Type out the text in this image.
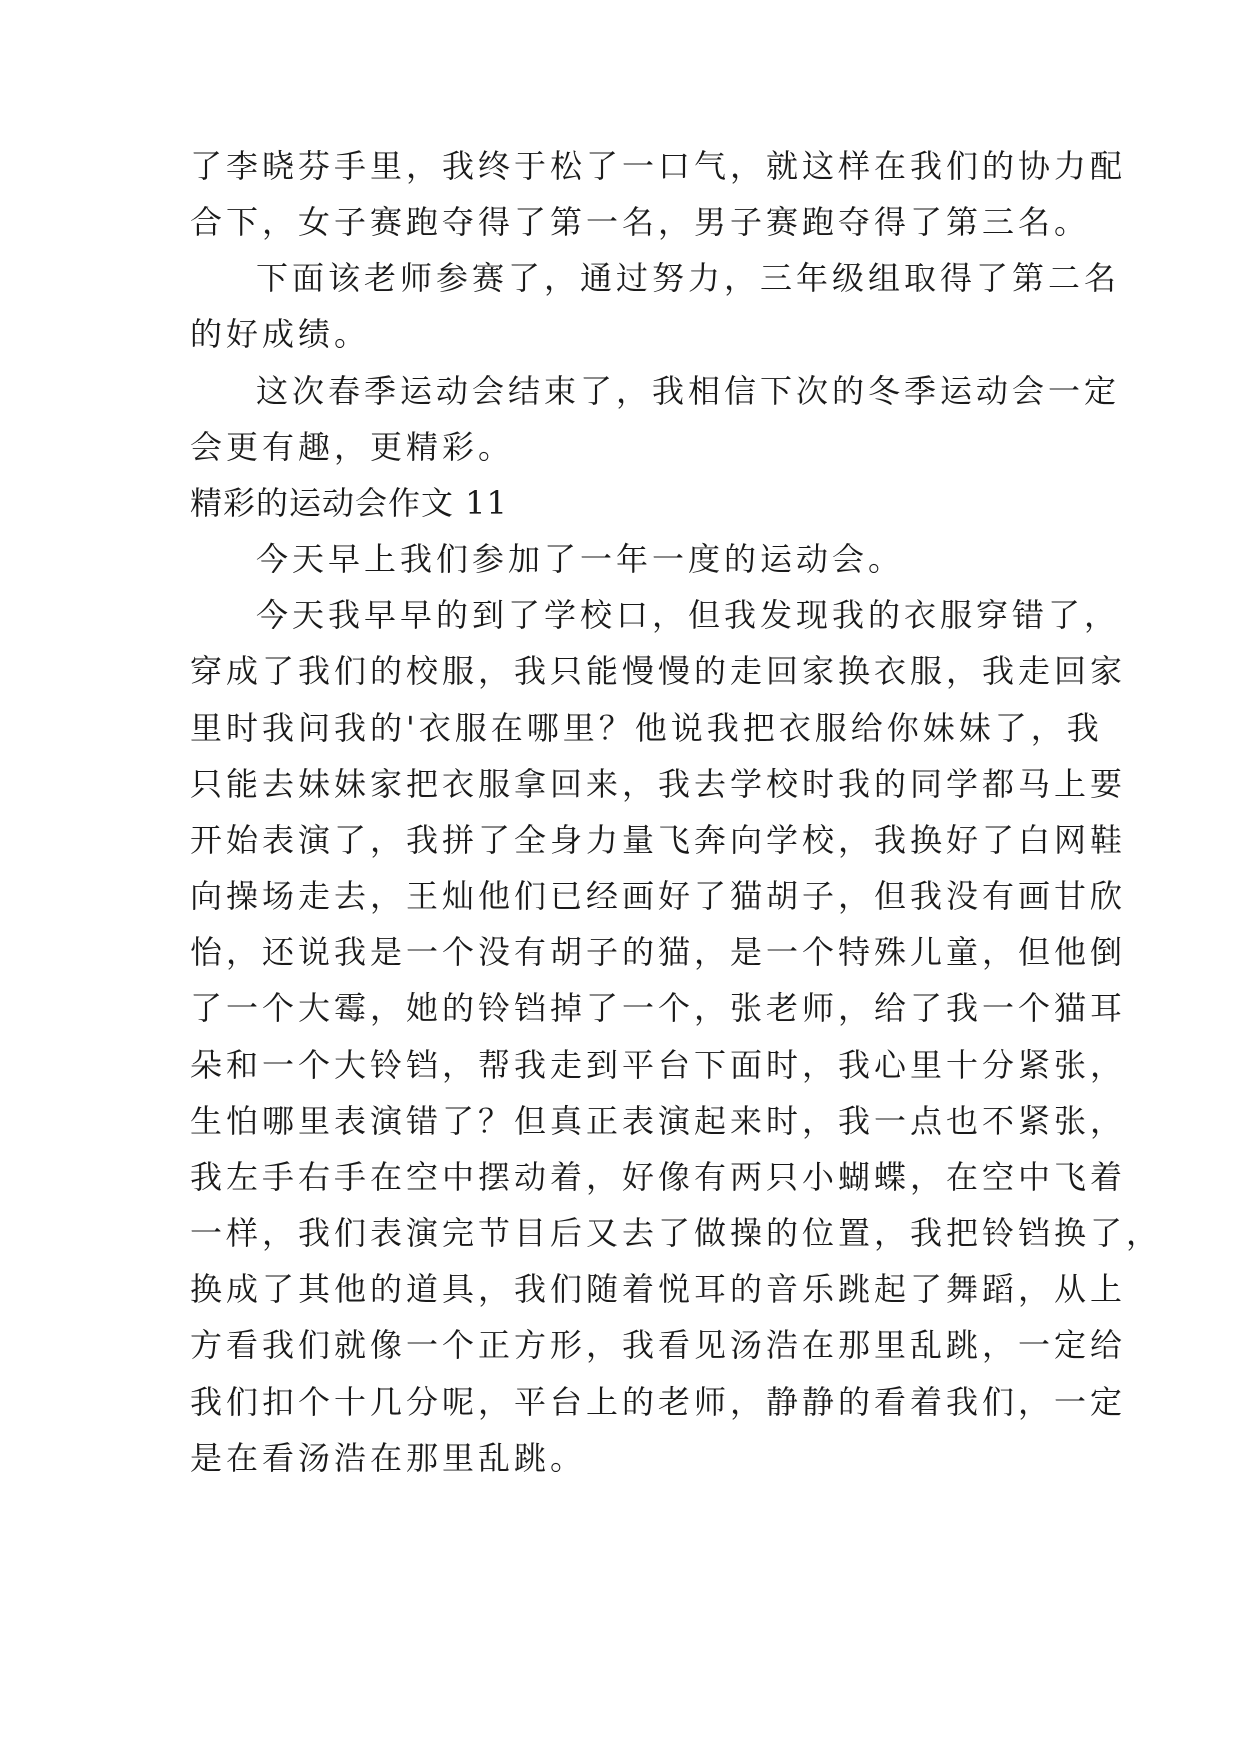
了李晓芬手里，我终于松了一口气，就这样在我们的协力配
合下，女子赛跑夺得了第一名，男子赛跑夺得了第三名。
下面该老师参赛了，通过努力，三年级组取得了第二名
的好成绩。
这次春季运动会结束了，我相信下次的冬季运动会一定
会更有趣，更精彩。
精彩的运动会作文 11
今天早上我们参加了一年一度的运动会。
今天我早早的到了学校口，但我发现我的衣服穿错了，
穿成了我们的校服，我只能慢慢的走回家换衣服，我走回家
里时我问我的'衣服在哪里？他说我把衣服给你妹妹了，我
只能去妹妹家把衣服拿回来，我去学校时我的同学都马上要
开始表演了，我拼了全身力量飞奔向学校，我换好了白网鞋
向操场走去，王灿他们已经画好了猫胡子，但我没有画甘欣
怡，还说我是一个没有胡子的猫，是一个特殊儿童，但他倒
了一个大霉，她的铃铛掉了一个，张老师，给了我一个猫耳
朵和一个大铃铛，帮我走到平台下面时，我心里十分紧张，
生怕哪里表演错了？但真正表演起来时，我一点也不紧张，
我左手右手在空中摆动着，好像有两只小蝴蝶，在空中飞着
一样，我们表演完节目后又去了做操的位置，我把铃铛换了，
换成了其他的道具，我们随着悦耳的音乐跳起了舞蹈，从上
方看我们就像一个正方形，我看见汤浩在那里乱跳，一定给
我们扣个十几分呢，平台上的老师，静静的看着我们，一定
是在看汤浩在那里乱跳。
